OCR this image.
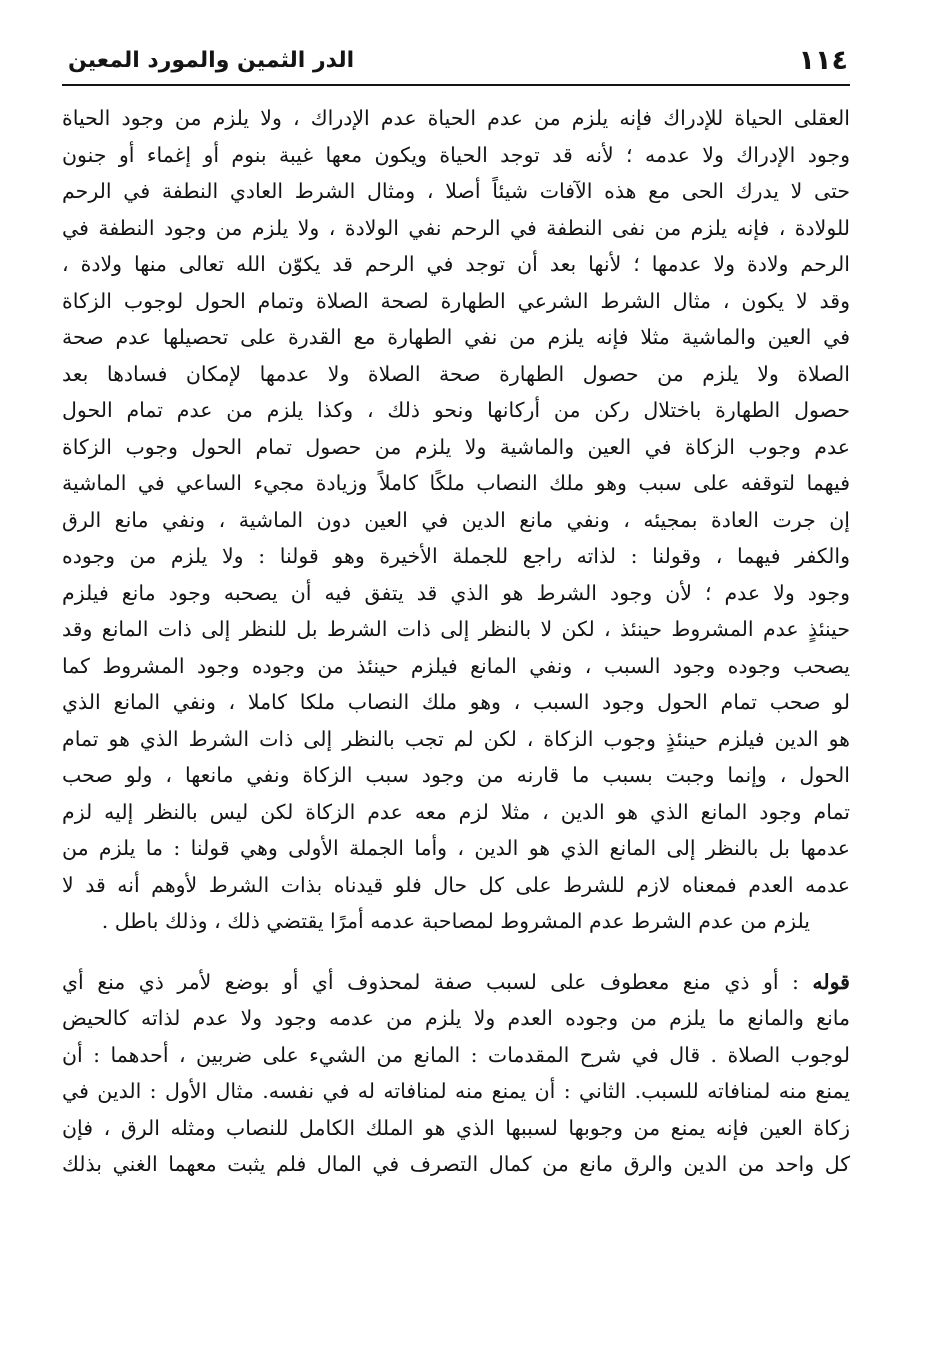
١١٤
الدر الثمين والمورد المعين
العقلى الحياة للإدراك فإنه يلزم من عدم الحياة عدم الإدراك ، ولا يلزم من وجود الحياة
وجود الإدراك ولا عدمه ؛ لأنه قد توجد الحياة ويكون معها غيبة بنوم أو إغماء أو جنون
حتى لا يدرك الحى مع هذه الآفات شيئاً أصلا ، ومثال الشرط العادي النطفة في الرحم
للولادة ، فإنه يلزم من نفى النطفة في الرحم نفي الولادة ، ولا يلزم من وجود النطفة في
الرحم ولادة ولا عدمها ؛ لأنها بعد أن توجد في الرحم قد يكوّن الله تعالى منها ولادة ،
وقد لا يكون ، مثال الشرط الشرعي الطهارة لصحة الصلاة وتمام الحول لوجوب الزكاة
في العين والماشية مثلا فإنه يلزم من نفي الطهارة مع القدرة على تحصيلها عدم صحة
الصلاة ولا يلزم من حصول الطهارة صحة الصلاة ولا عدمها لإمكان فسادها بعد
حصول الطهارة باختلال ركن من أركانها ونحو ذلك ، وكذا يلزم من عدم تمام الحول
عدم وجوب الزكاة في العين والماشية ولا يلزم من حصول تمام الحول وجوب الزكاة
فيهما لتوقفه على سبب وهو ملك النصاب ملكًا كاملاً وزيادة مجيء الساعي في الماشية
إن جرت العادة بمجيئه ، ونفي مانع الدين في العين دون الماشية ، ونفي مانع الرق
والكفر فيهما ، وقولنا : لذاته راجع للجملة الأخيرة وهو قولنا : ولا يلزم من وجوده
وجود ولا عدم ؛ لأن وجود الشرط هو الذي قد يتفق فيه أن يصحبه وجود مانع فيلزم
حينئذٍ عدم المشروط حينئذ ، لكن لا بالنظر إلى ذات الشرط بل للنظر إلى ذات المانع وقد
يصحب وجوده وجود السبب ، ونفي المانع فيلزم حينئذ من وجوده وجود المشروط كما
لو صحب تمام الحول وجود السبب ، وهو ملك النصاب ملكا كاملا ، ونفي المانع الذي
هو الدين فيلزم حينئذٍ وجوب الزكاة ، لكن لم تجب بالنظر إلى ذات الشرط الذي هو تمام
الحول ، وإنما وجبت بسبب ما قارنه من وجود سبب الزكاة ونفي مانعها ، ولو صحب
تمام وجود المانع الذي هو الدين ، مثلا لزم معه عدم الزكاة لكن ليس بالنظر إليه لزم
عدمها بل بالنظر إلى المانع الذي هو الدين ، وأما الجملة الأولى وهي قولنا : ما يلزم من
عدمه العدم فمعناه لازم للشرط على كل حال فلو قيدناه بذات الشرط لأوهم أنه قد لا
يلزم من عدم الشرط عدم المشروط لمصاحبة عدمه أمرًا يقتضي ذلك ، وذلك باطل .
قوله : أو ذي منع معطوف على لسبب صفة لمحذوف أي أو بوضع لأمر ذي منع أي
مانع والمانع ما يلزم من وجوده العدم ولا يلزم من عدمه وجود ولا عدم لذاته كالحيض
لوجوب الصلاة . قال في شرح المقدمات : المانع من الشيء على ضربين ، أحدهما : أن
يمنع منه لمنافاته للسبب. الثاني : أن يمنع منه لمنافاته له في نفسه. مثال الأول : الدين في
زكاة العين فإنه يمنع من وجوبها لسببها الذي هو الملك الكامل للنصاب ومثله الرق ، فإن
كل واحد من الدين والرق مانع من كمال التصرف في المال فلم يثبت معهما الغني بذلك
